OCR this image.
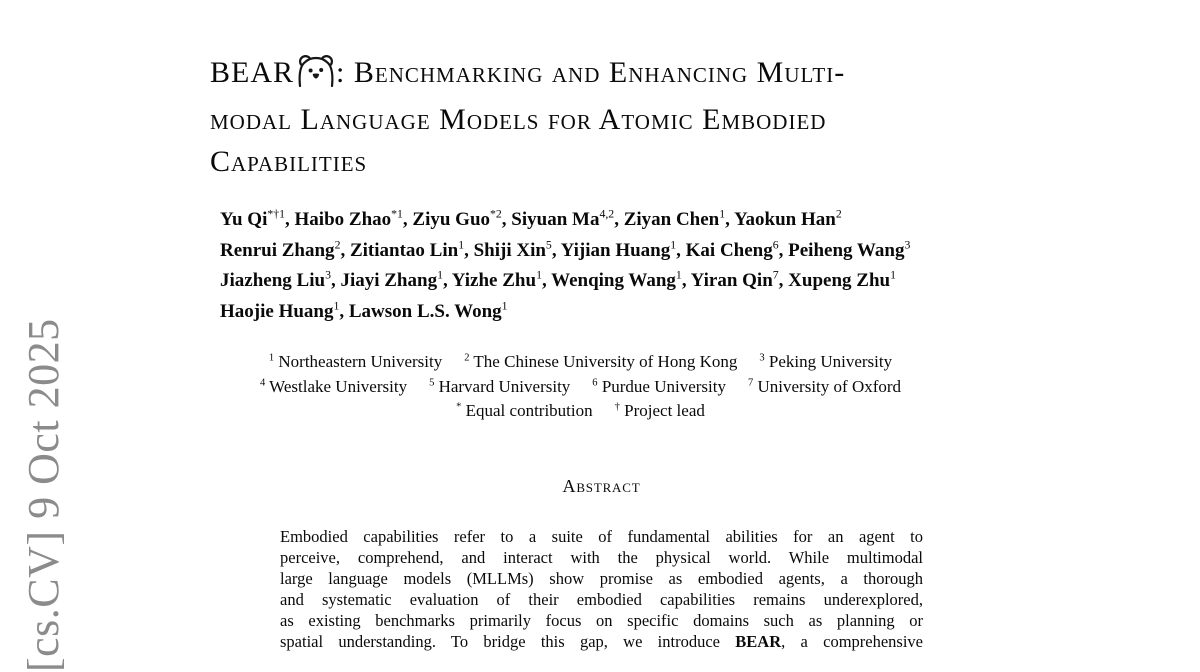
[cs.CV] 9 Oct 2025
BEAR : Benchmarking and Enhancing Multi-
modal Language Models for Atomic Embodied
Capabilities
Yu Qi$^{*\dagger 1}$, Haibo Zhao$^{*1}$, Ziyu Guo$^{*2}$, Siyuan Ma$^{4,2}$, Ziyan Chen$^1$, Yaokun Han$^2$
Renrui Zhang$^2$, Zitiantao Lin$^1$, Shiji Xin$^5$, Yijian Huang$^1$, Kai Cheng$^6$, Peiheng Wang$^3$
Jiazheng Liu$^3$, Jiayi Zhang$^1$, Yizhe Zhu$^1$, Wenqing Wang$^1$, Yiran Qin$^7$, Xupeng Zhu$^1$
Haojie Huang$^1$, Lawson L.S. Wong$^1$
$^1$ Northeastern University $^2$ The Chinese University of Hong Kong $^3$ Peking University
$^4$ Westlake University $^5$ Harvard University $^6$ Purdue University $^7$ University of Oxford
* Equal contribution † Project lead
Abstract
Embodied capabilities refer to a suite of fundamental abilities for an agent to
perceive, comprehend, and interact with the physical world. While multimodal
large language models (MLLMs) show promise as embodied agents, a thorough
and systematic evaluation of their embodied capabilities remains underexplored,
as existing benchmarks primarily focus on specific domains such as planning or
spatial understanding. To bridge this gap, we introduce BEAR, a comprehensive
